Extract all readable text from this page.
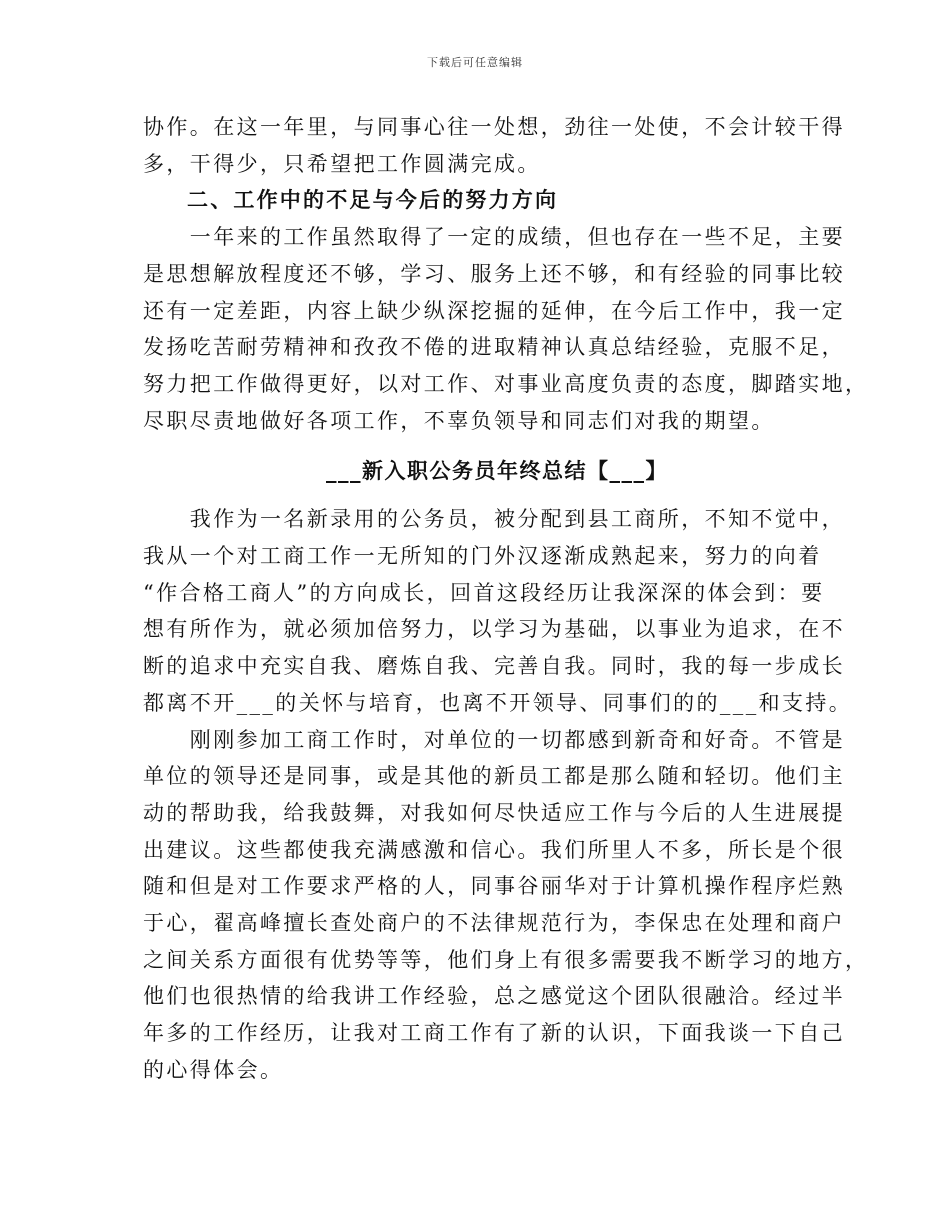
下载后可任意编辑

协作。在这一年里，与同事心往一处想，劲往一处使，不会计较干得
多，干得少，只希望把工作圆满完成。

二、工作中的不足与今后的努力方向

　　一年来的工作虽然取得了一定的成绩，但也存在一些不足，主要
是思想解放程度还不够，学习、服务上还不够，和有经验的同事比较
还有一定差距，内容上缺少纵深挖掘的延伸，在今后工作中，我一定
发扬吃苦耐劳精神和孜孜不倦的进取精神认真总结经验，克服不足，
努力把工作做得更好，以对工作、对事业高度负责的态度，脚踏实地，
尽职尽责地做好各项工作，不辜负领导和同志们对我的期望。

___新入职公务员年终总结【___】

　　我作为一名新录用的公务员，被分配到县工商所，不知不觉中，
我从一个对工商工作一无所知的门外汉逐渐成熟起来，努力的向着
“作合格工商人”的方向成长，回首这段经历让我深深的体会到：要
想有所作为，就必须加倍努力，以学习为基础，以事业为追求，在不
断的追求中充实自我、磨炼自我、完善自我。同时，我的每一步成长
都离不开___的关怀与培育，也离不开领导、同事们的的___和支持。

　　刚刚参加工商工作时，对单位的一切都感到新奇和好奇。不管是
单位的领导还是同事，或是其他的新员工都是那么随和轻切。他们主
动的帮助我，给我鼓舞，对我如何尽快适应工作与今后的人生进展提
出建议。这些都使我充满感激和信心。我们所里人不多，所长是个很
随和但是对工作要求严格的人，同事谷丽华对于计算机操作程序烂熟
于心，翟高峰擅长查处商户的不法律规范行为，李保忠在处理和商户
之间关系方面很有优势等等，他们身上有很多需要我不断学习的地方，
他们也很热情的给我讲工作经验，总之感觉这个团队很融洽。经过半
年多的工作经历，让我对工商工作有了新的认识，下面我谈一下自己
的心得体会。
